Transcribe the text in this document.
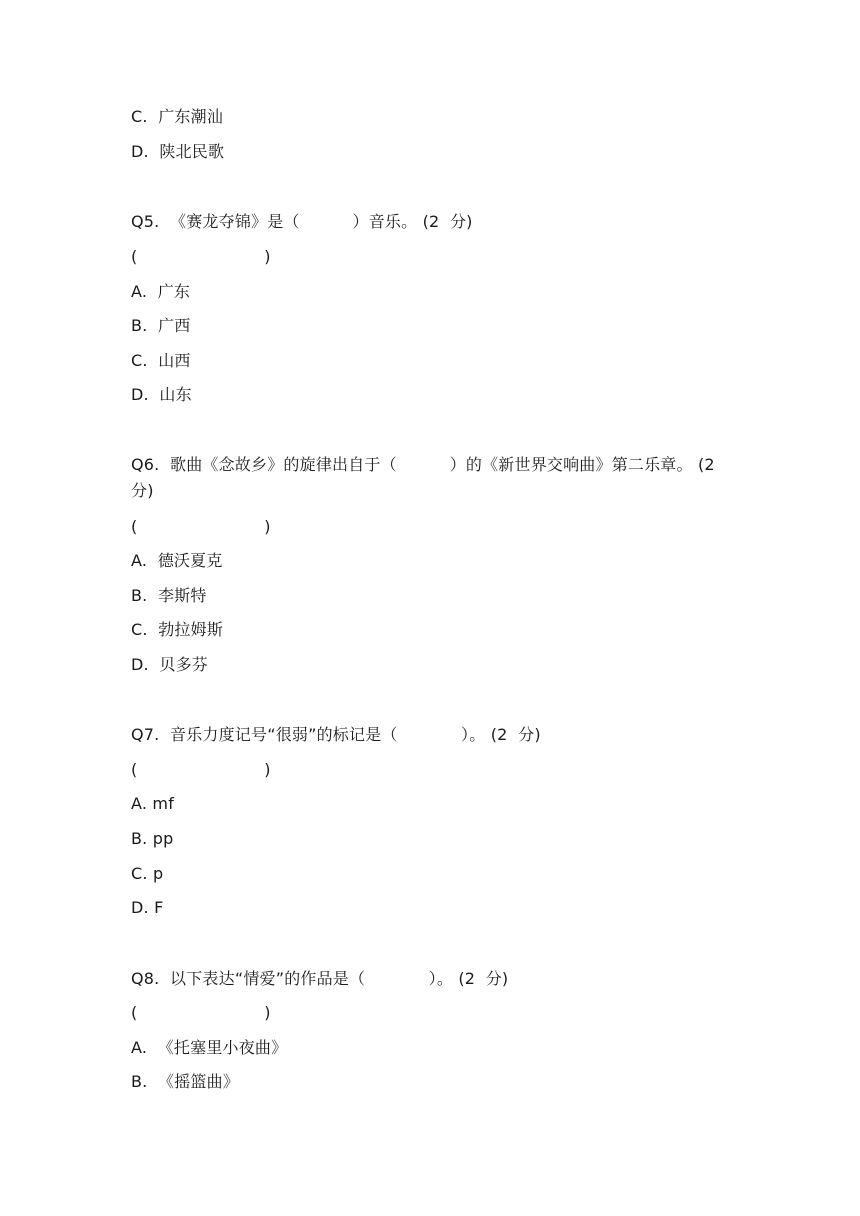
C.  广东潮汕
D.  陕北民歌
Q5.  《赛龙夺锦》是（          ）音乐。 (2  分)
(                        )
A.  广东
B.  广西
C.  山西
D.  山东
Q6.  歌曲《念故乡》的旋律出自于（          ）的《新世界交响曲》第二乐章。 (2 分)
(                        )
A.  德沃夏克
B.  李斯特
C.  勃拉姆斯
D.  贝多芬
Q7.  音乐力度记号“很弱”的标记是（            ）。 (2  分)
(                        )
A. mf
B. pp
C. p
D. F
Q8.  以下表达“情爱”的作品是（            ）。 (2  分)
(                        )
A.  《托塞里小夜曲》
B.  《摇篮曲》
